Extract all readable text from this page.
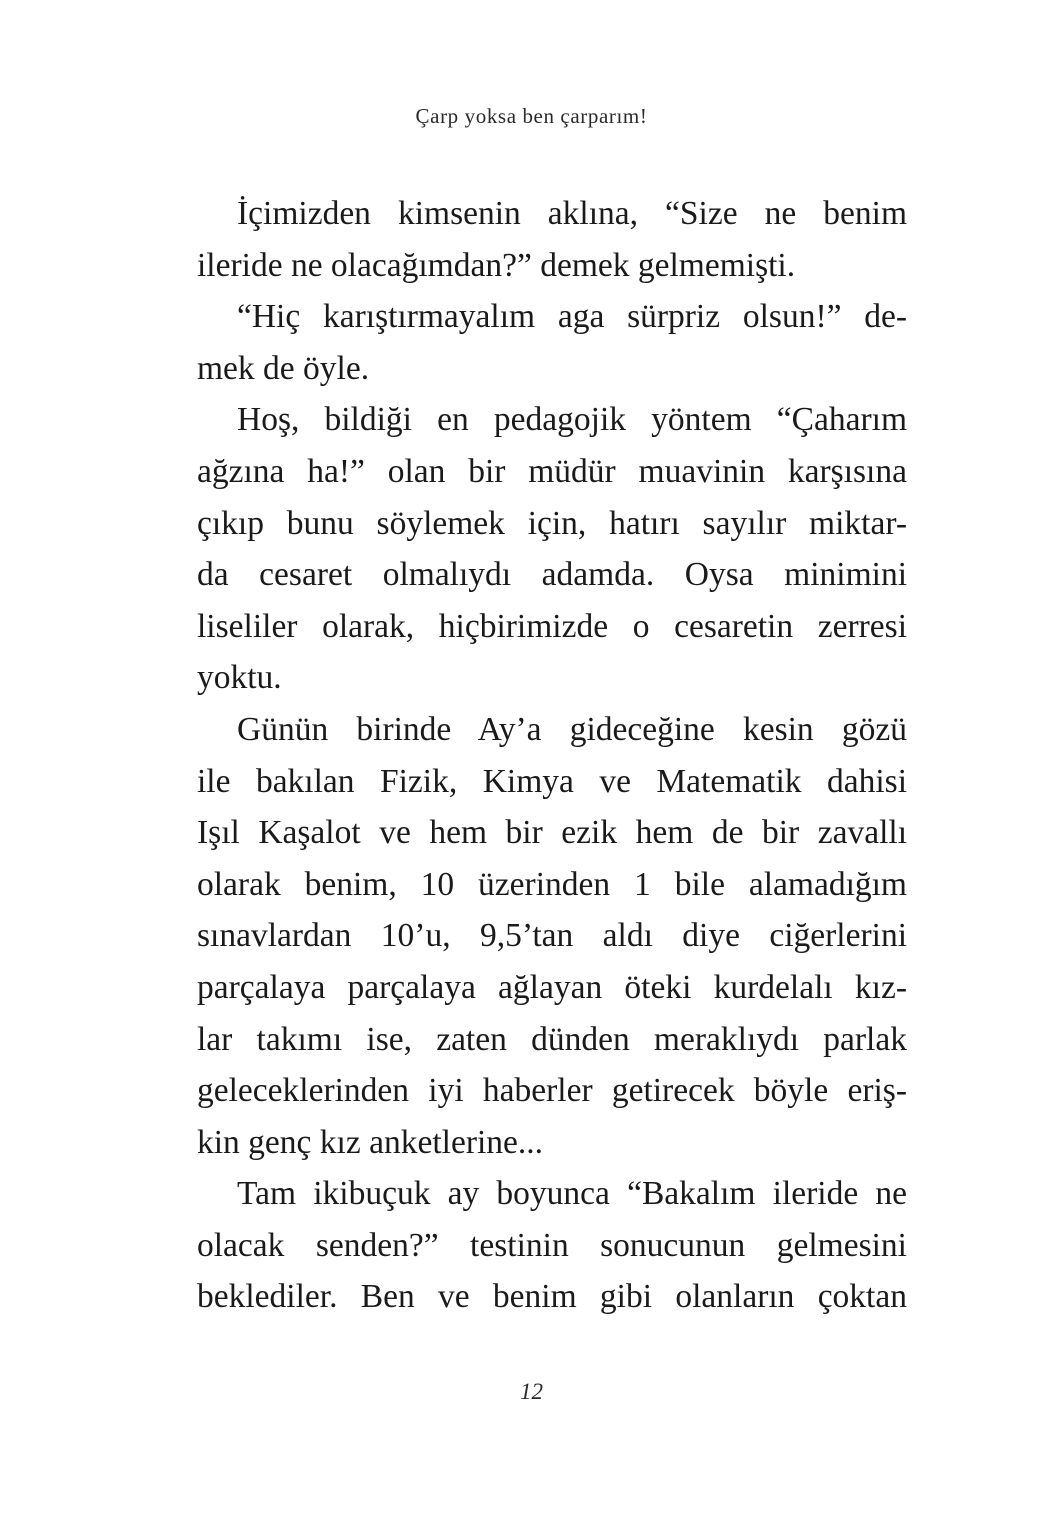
Çarp yoksa ben çarparım!
İçimizden kimsenin aklına, “Size ne benim
ileride ne olacağımdan?” demek gelmemişti.
“Hiç karıştırmayalım aga sürpriz olsun!” de-
mek de öyle.
Hoş, bildiği en pedagojik yöntem “Çaharım
ağzına ha!” olan bir müdür muavinin karşısına
çıkıp bunu söylemek için, hatırı sayılır miktar-
da cesaret olmalıydı adamda. Oysa minimini
liseliler olarak, hiçbirimizde o cesaretin zerresi
yoktu.
Günün birinde Ay’a gideceğine kesin gözü
ile bakılan Fizik, Kimya ve Matematik dahisi
Işıl Kaşalot ve hem bir ezik hem de bir zavallı
olarak benim, 10 üzerinden 1 bile alamadığım
sınavlardan 10’u, 9,5’tan aldı diye ciğerlerini
parçalaya parçalaya ağlayan öteki kurdelalı kız-
lar takımı ise, zaten dünden meraklıydı parlak
geleceklerinden iyi haberler getirecek böyle eriş-
kin genç kız anketlerine...
Tam ikibuçuk ay boyunca “Bakalım ileride ne
olacak senden?” testinin sonucunun gelmesini
beklediler. Ben ve benim gibi olanların çoktan
12
